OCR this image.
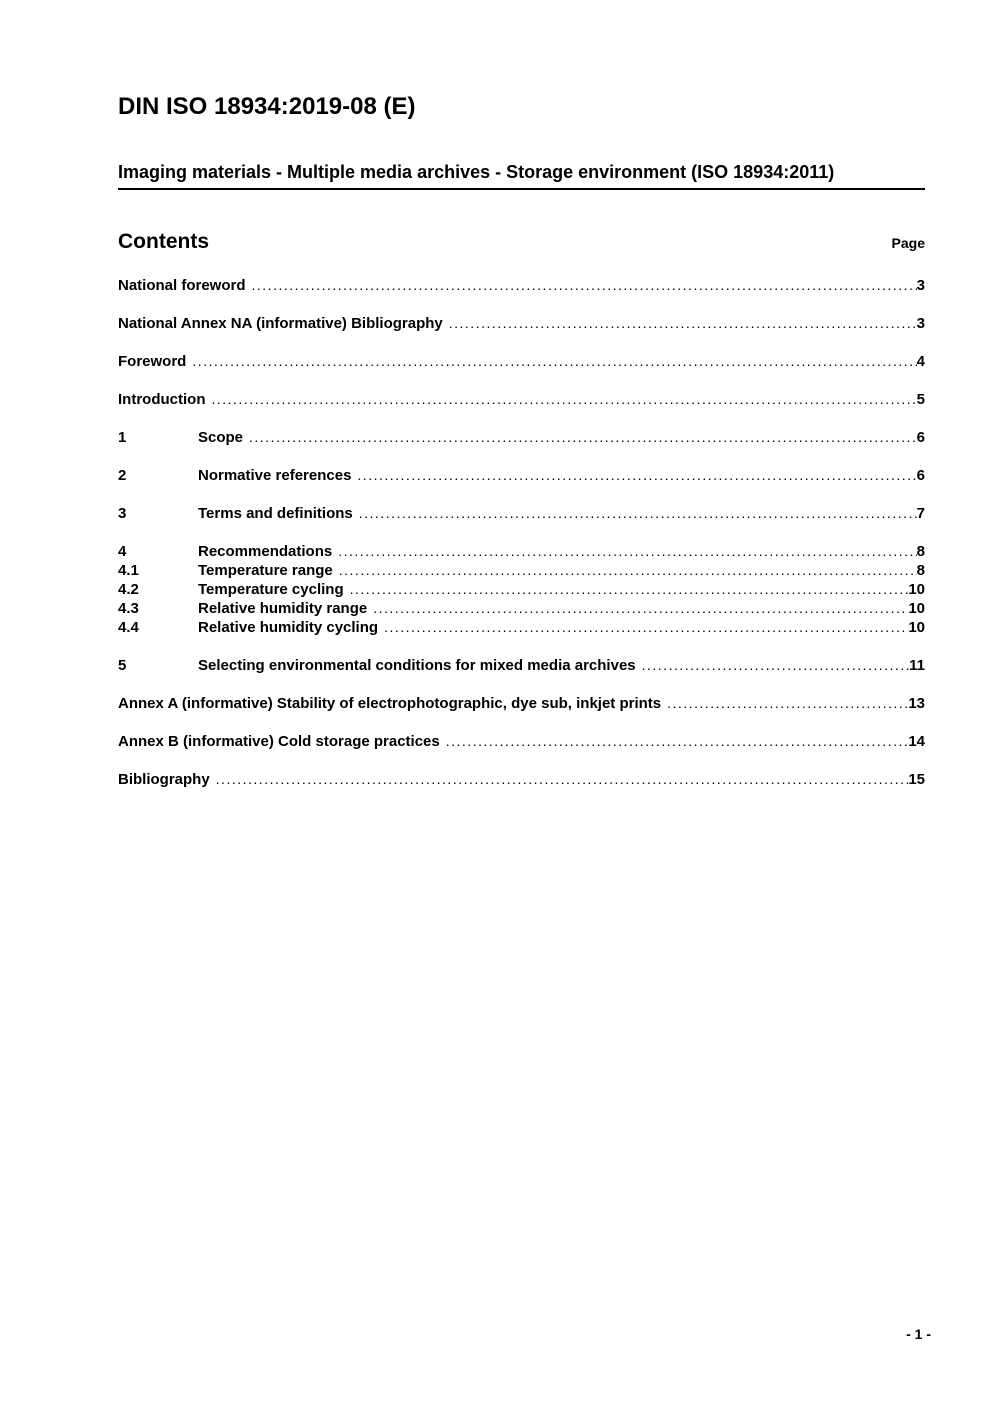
DIN ISO 18934:2019-08 (E)
Imaging materials - Multiple media archives - Storage environment (ISO 18934:2011)
Contents	Page
National foreword .....	3
National Annex NA (informative) Bibliography .....	3
Foreword .....	4
Introduction .....	5
1	Scope .....	6
2	Normative references .....	6
3	Terms and definitions .....	7
4	Recommendations .....	8
4.1	Temperature range .....	8
4.2	Temperature cycling .....	10
4.3	Relative humidity range .....	10
4.4	Relative humidity cycling .....	10
5	Selecting environmental conditions for mixed media archives .....	11
Annex A (informative) Stability of electrophotographic, dye sub, inkjet prints .....	13
Annex B (informative) Cold storage practices .....	14
Bibliography .....	15
- 1 -
